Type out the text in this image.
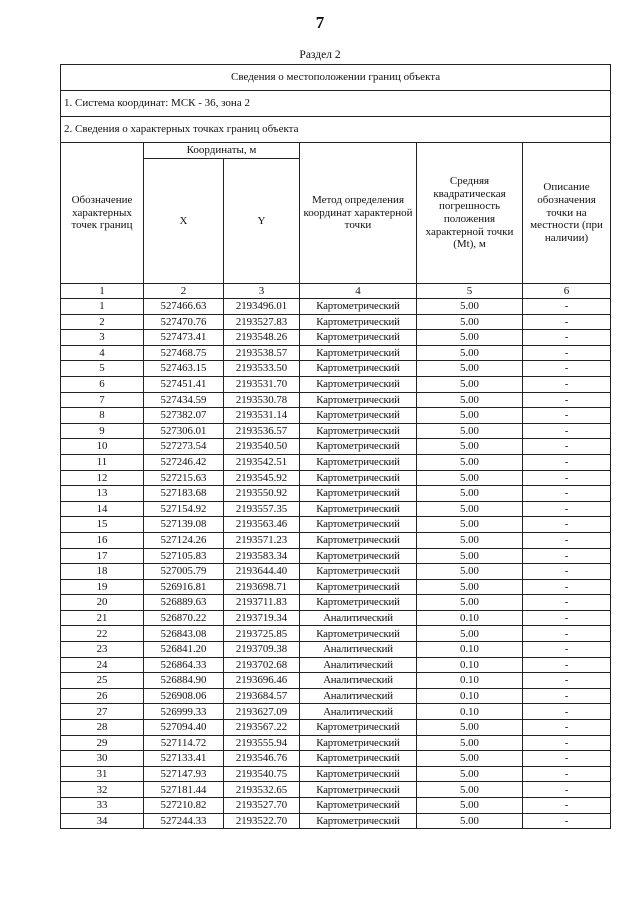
7
Раздел 2
Сведения о местоположении границ объекта					
1. Система координат: МСК - 36, зона 2					
2. Сведения о характерных точках границ объекта					
Обозначение характерных точек границ	Координаты, м		Метод определения координат характерной точки	Средняя квадратическая погрешность положения характерной точки (Mt), м	Описание обозначения точки на местности (при наличии)
	X	Y			
1	2	3	4	5	6
1	527466.63	2193496.01	Картометрический	5.00	-
2	527470.76	2193527.83	Картометрический	5.00	-
3	527473.41	2193548.26	Картометрический	5.00	-
4	527468.75	2193538.57	Картометрический	5.00	-
5	527463.15	2193533.50	Картометрический	5.00	-
6	527451.41	2193531.70	Картометрический	5.00	-
7	527434.59	2193530.78	Картометрический	5.00	-
8	527382.07	2193531.14	Картометрический	5.00	-
9	527306.01	2193536.57	Картометрический	5.00	-
10	527273.54	2193540.50	Картометрический	5.00	-
11	527246.42	2193542.51	Картометрический	5.00	-
12	527215.63	2193545.92	Картометрический	5.00	-
13	527183.68	2193550.92	Картометрический	5.00	-
14	527154.92	2193557.35	Картометрический	5.00	-
15	527139.08	2193563.46	Картометрический	5.00	-
16	527124.26	2193571.23	Картометрический	5.00	-
17	527105.83	2193583.34	Картометрический	5.00	-
18	527005.79	2193644.40	Картометрический	5.00	-
19	526916.81	2193698.71	Картометрический	5.00	-
20	526889.63	2193711.83	Картометрический	5.00	-
21	526870.22	2193719.34	Аналитический	0.10	-
22	526843.08	2193725.85	Картометрический	5.00	-
23	526841.20	2193709.38	Аналитический	0.10	-
24	526864.33	2193702.68	Аналитический	0.10	-
25	526884.90	2193696.46	Аналитический	0.10	-
26	526908.06	2193684.57	Аналитический	0.10	-
27	526999.33	2193627.09	Аналитический	0.10	-
28	527094.40	2193567.22	Картометрический	5.00	-
29	527114.72	2193555.94	Картометрический	5.00	-
30	527133.41	2193546.76	Картометрический	5.00	-
31	527147.93	2193540.75	Картометрический	5.00	-
32	527181.44	2193532.65	Картометрический	5.00	-
33	527210.82	2193527.70	Картометрический	5.00	-
34	527244.33	2193522.70	Картометрический	5.00	-
